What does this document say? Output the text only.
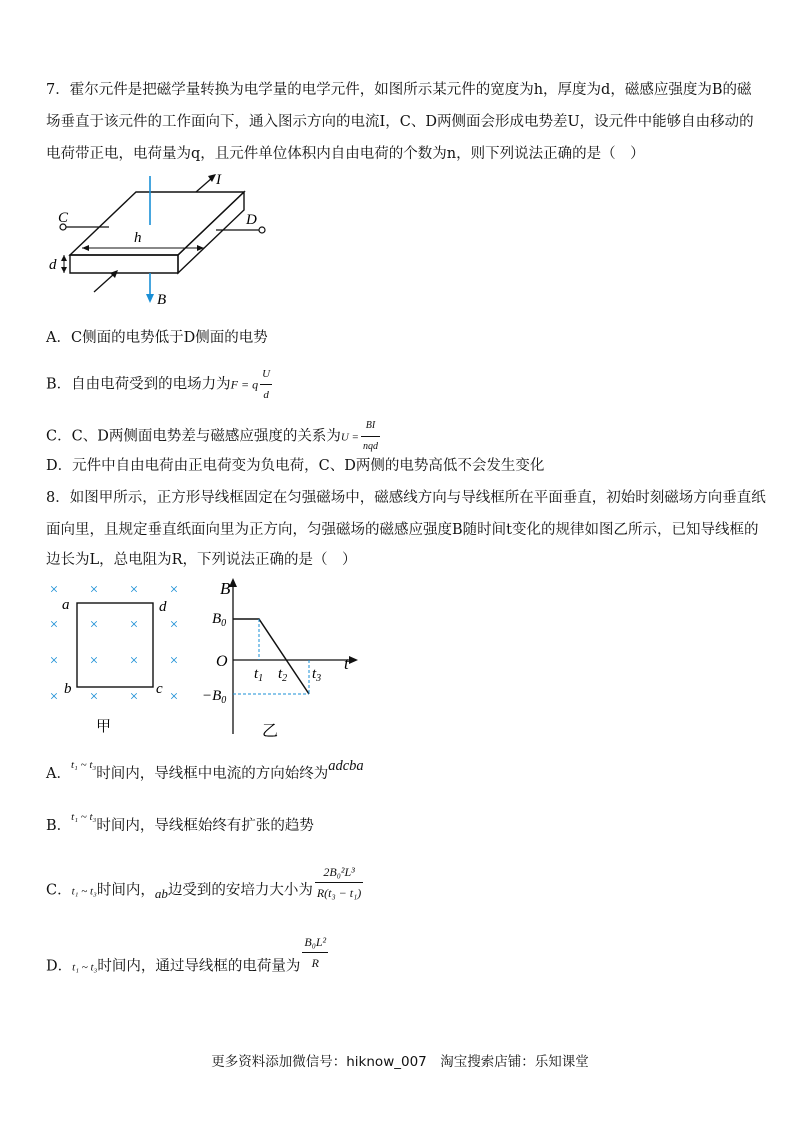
7．霍尔元件是把磁学量转换为电学量的电学元件，如图所示某元件的宽度为h，厚度为d，磁感应强度为B的磁
场垂直于该元件的工作面向下，通入图示方向的电流I，C、D两侧面会形成电势差U，设元件中能够自由移动的
电荷带正电，电荷量为q，且元件单位体积内自由电荷的个数为n，则下列说法正确的是（　）
B
I
C	D
h
d
A．C侧面的电势低于D侧面的电势
B．自由电荷受到的电场力为F = q $\frac{U}{d}$
C．C、D两侧面电势差与磁感应强度的关系为$U = \frac{BI}{\text{nqd}}$
D．元件中自由电荷由正电荷变为负电荷，C、D两侧的电势高低不会发生变化
8．如图甲所示，正方形导线框固定在匀强磁场中，磁感线方向与导线框所在平面垂直，初始时刻磁场方向垂直纸
面向里，且规定垂直纸面向里为正方向，匀强磁场的磁感应强度B随时间t变化的规律如图乙所示，已知导线框的
边长为L，总电阻为R，下列说法正确的是（　）
× × × ×
× × × ×
× × × ×
× × × ×
a	d
b	c
甲
B
t
O
$B_0$
$-B_0$
$t_1$ $t_2$ $t_3$
乙
A．$^{t_1 \sim t_3}$时间内，导线框中电流的方向始终为adcba
B．$^{t_1 \sim t_3}$时间内，导线框始终有扩张的趋势
C．t₁ ~ t₃时间内，ab边受到的安培力大小为 $\frac{\text{2B₀²L³}}{\text{R(t₃ − t₁)}}$
D．t₁ ~ t₃时间内，通过导线框的电荷量为 $\frac{\text{B₀L²}}{R}$
更多资料添加微信号：hiknow_007　淘宝搜索店铺：乐知课堂
